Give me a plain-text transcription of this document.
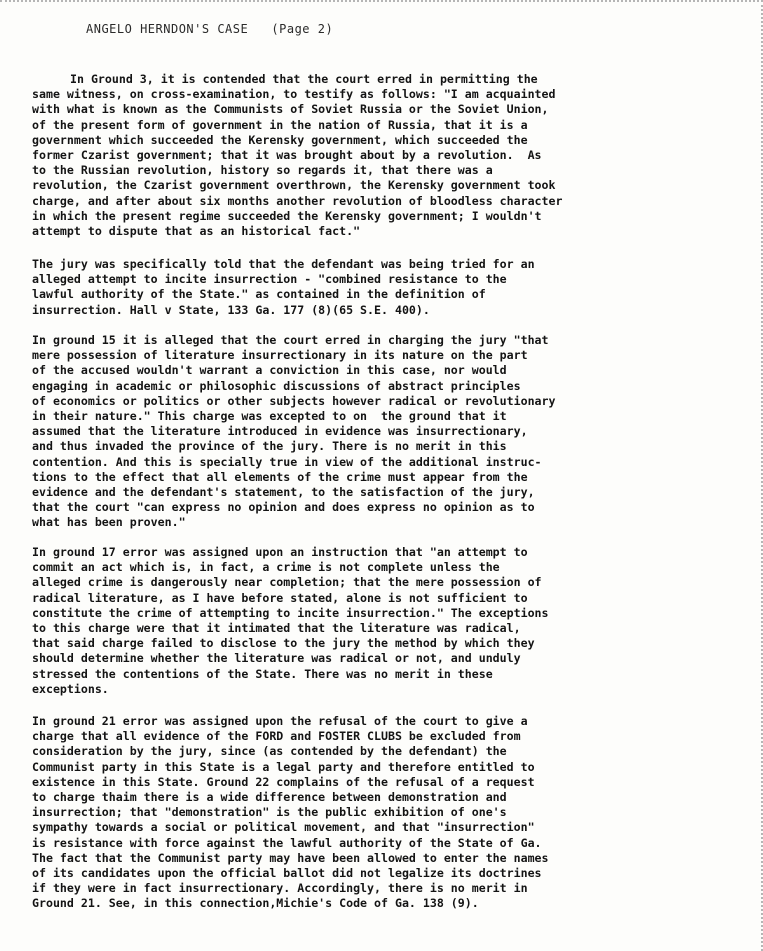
ANGELO HERNDON'S CASE   (Page 2)
In Ground 3, it is contended that the court erred in permitting the
same witness, on cross-examination, to testify as follows: "I am acquainted
with what is known as the Communists of Soviet Russia or the Soviet Union,
of the present form of government in the nation of Russia, that it is a
government which succeeded the Kerensky government, which succeeded the
former Czarist government; that it was brought about by a revolution.  As
to the Russian revolution, history so regards it, that there was a
revolution, the Czarist government overthrown, the Kerensky government took
charge, and after about six months another revolution of bloodless character
in which the present regime succeeded the Kerensky government; I wouldn't
attempt to dispute that as an historical fact."
The jury was specifically told that the defendant was being tried for an
alleged attempt to incite insurrection - "combined resistance to the
lawful authority of the State." as contained in the definition of
insurrection. Hall v State, 133 Ga. 177 (8)(65 S.E. 400).
In ground 15 it is alleged that the court erred in charging the jury "that
mere possession of literature insurrectionary in its nature on the part
of the accused wouldn't warrant a conviction in this case, nor would
engaging in academic or philosophic discussions of abstract principles
of economics or politics or other subjects however radical or revolutionary
in their nature." This charge was excepted to on  the ground that it
assumed that the literature introduced in evidence was insurrectionary,
and thus invaded the province of the jury. There is no merit in this
contention. And this is specially true in view of the additional instruc-
tions to the effect that all elements of the crime must appear from the
evidence and the defendant's statement, to the satisfaction of the jury,
that the court "can express no opinion and does express no opinion as to
what has been proven."
In ground 17 error was assigned upon an instruction that "an attempt to
commit an act which is, in fact, a crime is not complete unless the
alleged crime is dangerously near completion; that the mere possession of
radical literature, as I have before stated, alone is not sufficient to
constitute the crime of attempting to incite insurrection." The exceptions
to this charge were that it intimated that the literature was radical,
that said charge failed to disclose to the jury the method by which they
should determine whether the literature was radical or not, and unduly
stressed the contentions of the State. There was no merit in these
exceptions.
In ground 21 error was assigned upon the refusal of the court to give a
charge that all evidence of the FORD and FOSTER CLUBS be excluded from
consideration by the jury, since (as contended by the defendant) the
Communist party in this State is a legal party and therefore entitled to
existence in this State. Ground 22 complains of the refusal of a request
to charge thaim there is a wide difference between demonstration and
insurrection; that "demonstration" is the public exhibition of one's
sympathy towards a social or political movement, and that "insurrection"
is resistance with force against the lawful authority of the State of Ga.
The fact that the Communist party may have been allowed to enter the names
of its candidates upon the official ballot did not legalize its doctrines
if they were in fact insurrectionary. Accordingly, there is no merit in
Ground 21. See, in this connection,Michie's Code of Ga. 138 (9).
